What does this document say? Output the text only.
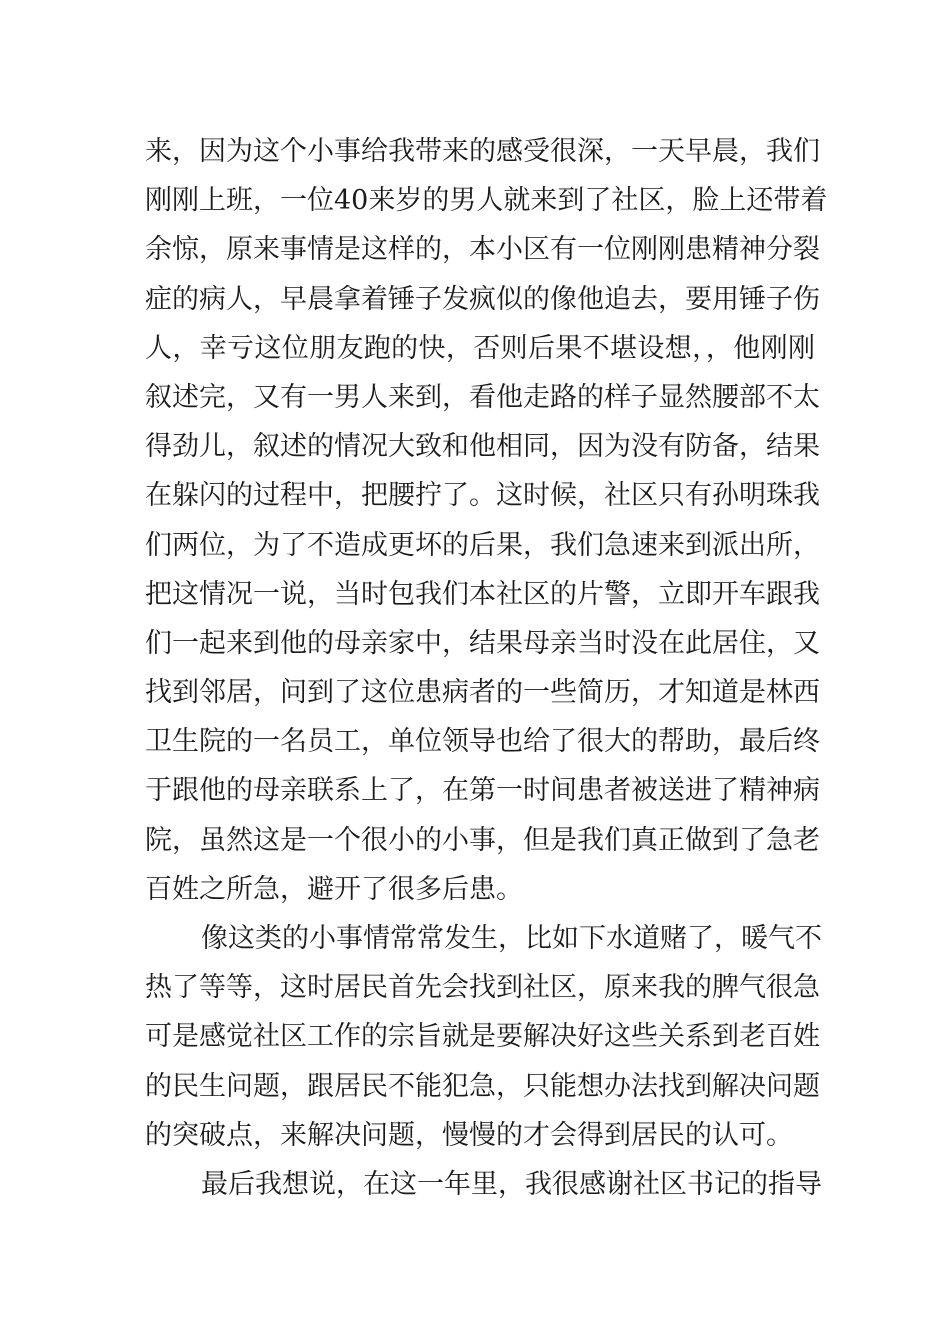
来，因为这个小事给我带来的感受很深，一天早晨，我们
刚刚上班，一位40来岁的男人就来到了社区，脸上还带着
余惊，原来事情是这样的，本小区有一位刚刚患精神分裂
症的病人，早晨拿着锤子发疯似的像他追去，要用锤子伤
人，幸亏这位朋友跑的快，否则后果不堪设想，，他刚刚
叙述完，又有一男人来到，看他走路的样子显然腰部不太
得劲儿，叙述的情况大致和他相同，因为没有防备，结果
在躲闪的过程中，把腰拧了。这时候，社区只有孙明珠我
们两位，为了不造成更坏的后果，我们急速来到派出所，
把这情况一说，当时包我们本社区的片警，立即开车跟我
们一起来到他的母亲家中，结果母亲当时没在此居住，又
找到邻居，问到了这位患病者的一些简历，才知道是林西
卫生院的一名员工，单位领导也给了很大的帮助，最后终
于跟他的母亲联系上了，在第一时间患者被送进了精神病
院，虽然这是一个很小的小事，但是我们真正做到了急老
百姓之所急，避开了很多后患。
像这类的小事情常常发生，比如下水道赌了，暖气不
热了等等，这时居民首先会找到社区，原来我的脾气很急
可是感觉社区工作的宗旨就是要解决好这些关系到老百姓
的民生问题，跟居民不能犯急，只能想办法找到解决问题
的突破点，来解决问题，慢慢的才会得到居民的认可。
最后我想说，在这一年里，我很感谢社区书记的指导
